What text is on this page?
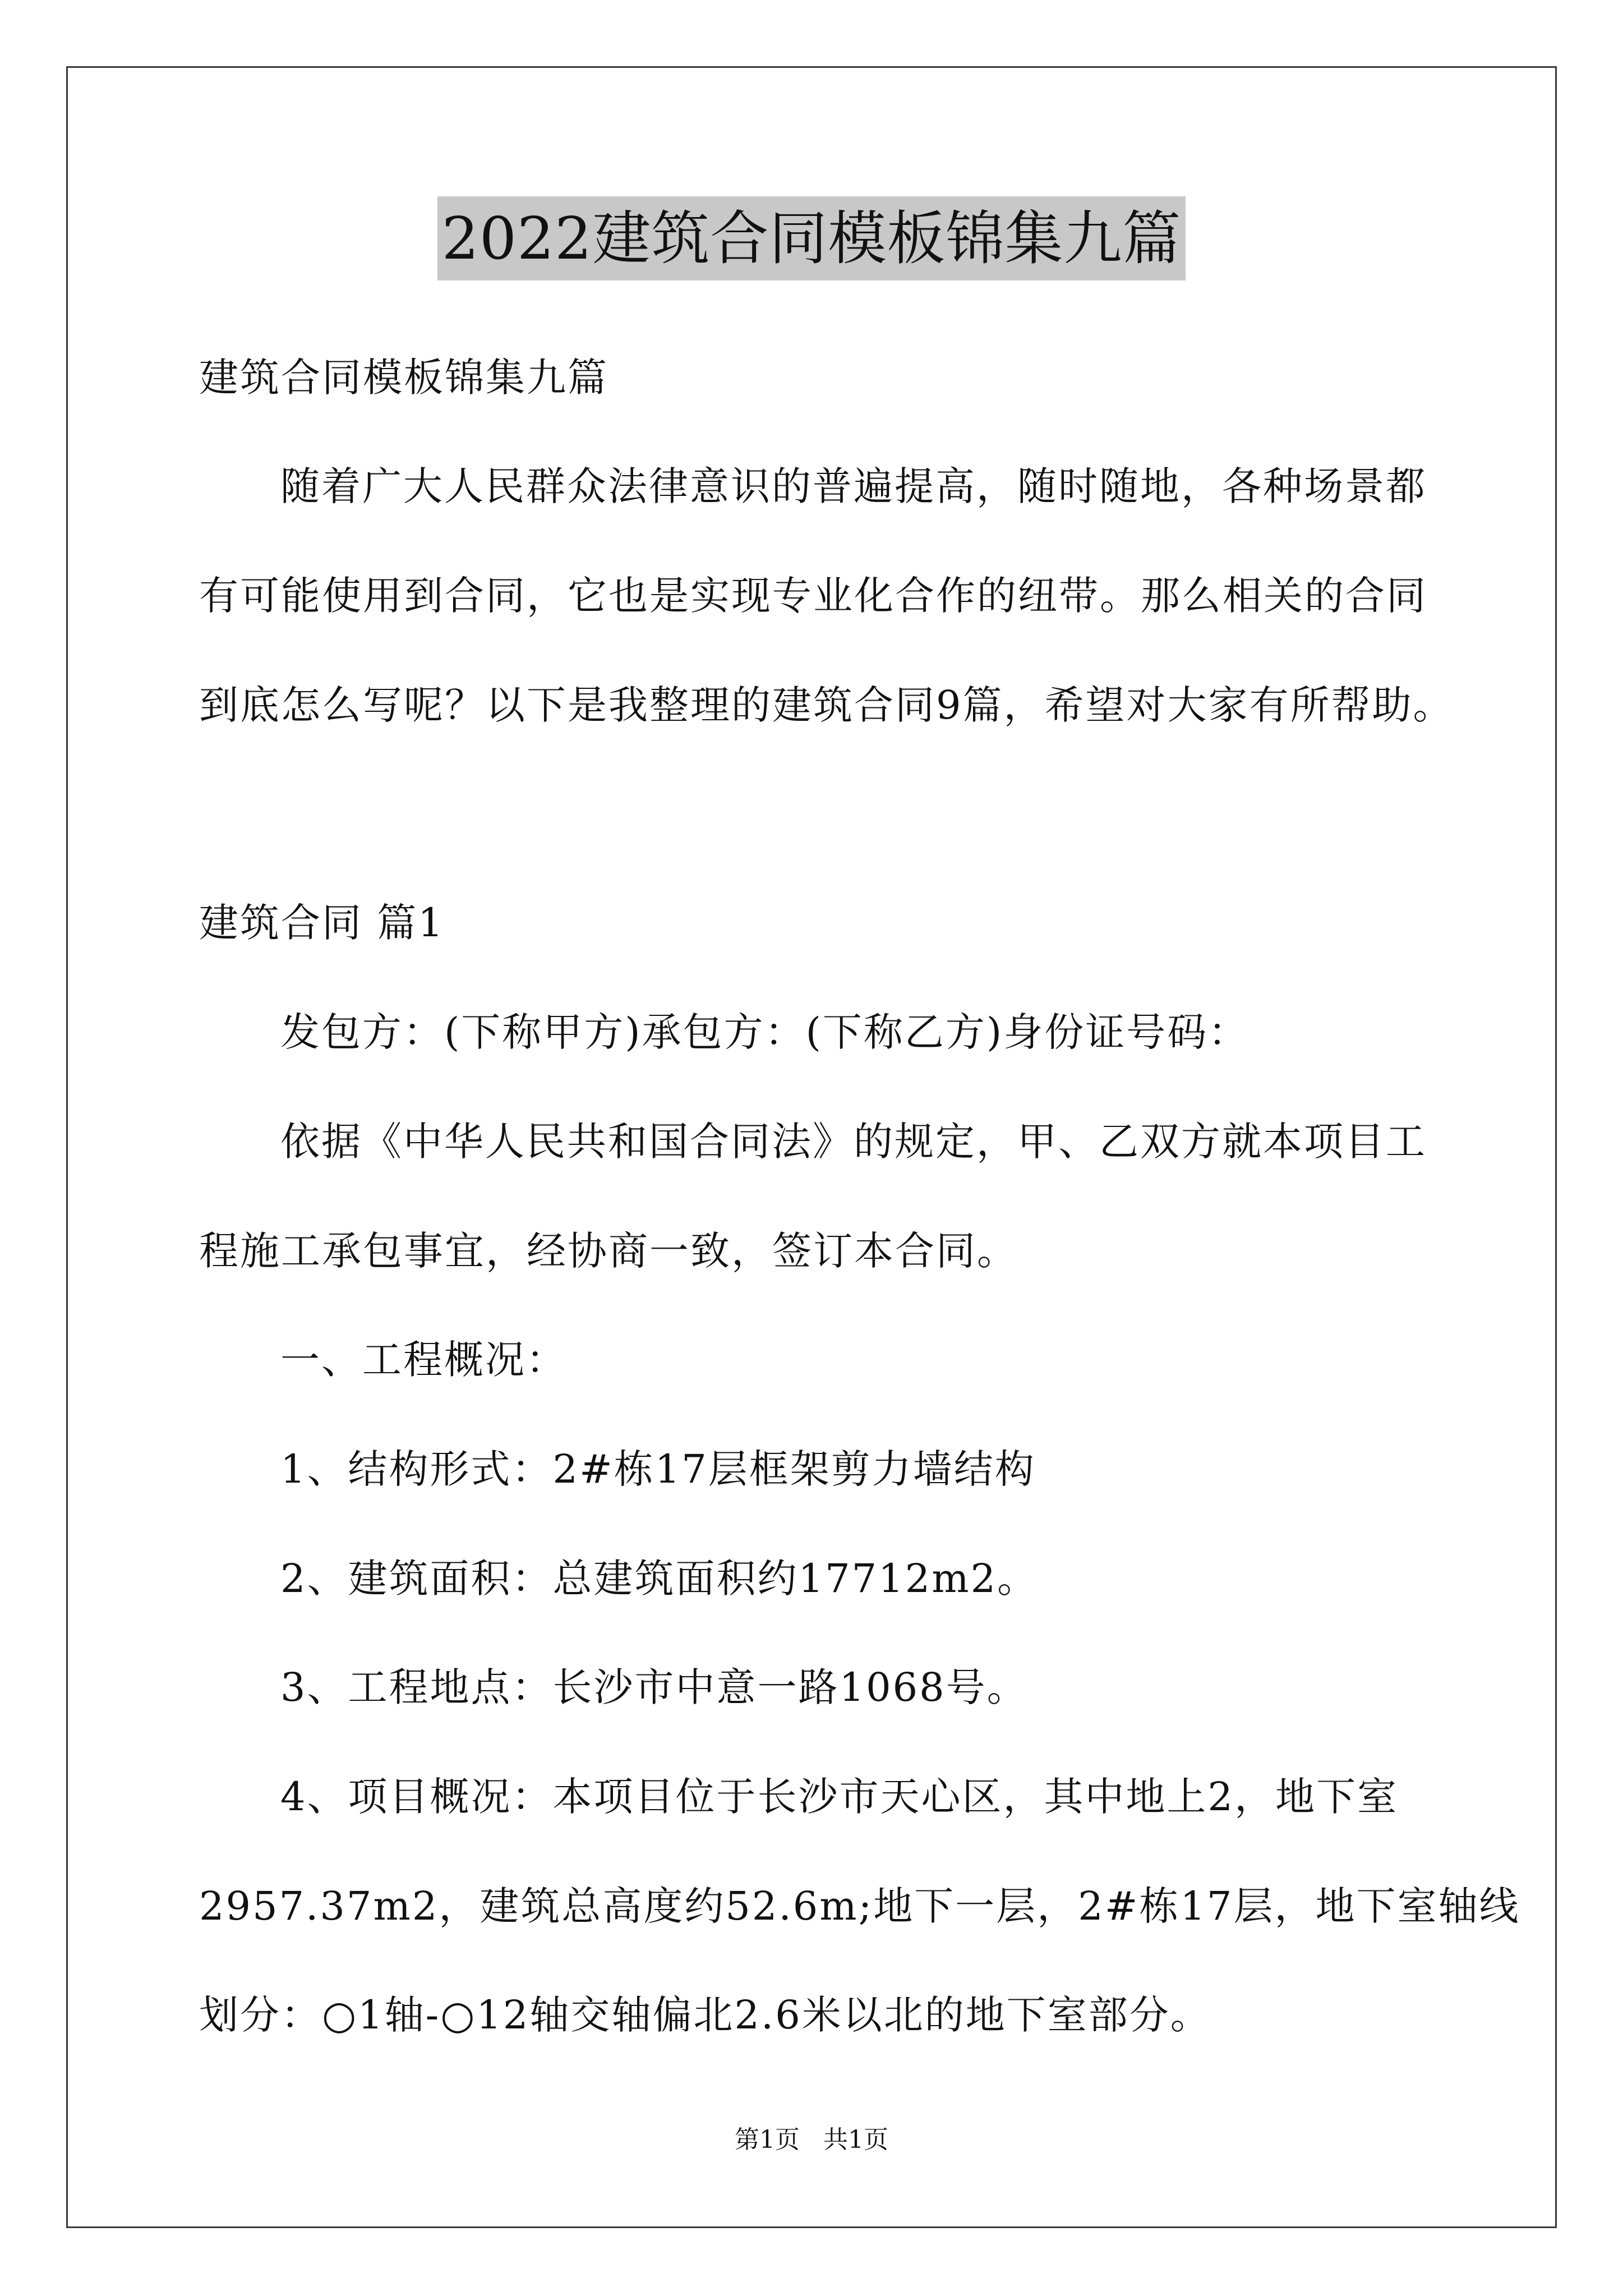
2022建筑合同模板锦集九篇
建筑合同模板锦集九篇
随着广大人民群众法律意识的普遍提高，随时随地，各种场景都
有可能使用到合同，它也是实现专业化合作的纽带。那么相关的合同
到底怎么写呢？以下是我整理的建筑合同9篇，希望对大家有所帮助。
建筑合同 篇1
发包方：(下称甲方)承包方：(下称乙方)身份证号码：
依据《中华人民共和国合同法》的规定，甲、乙双方就本项目工
程施工承包事宜，经协商一致，签订本合同。
一、工程概况：
1、结构形式：2#栋17层框架剪力墙结构
2、建筑面积：总建筑面积约17712m2。
3、工程地点：长沙市中意一路1068号。
4、项目概况：本项目位于长沙市天心区，其中地上2，地下室
2957.37m2，建筑总高度约52.6m;地下一层，2#栋17层，地下室轴线
划分：○1轴-○12轴交轴偏北2.6米以北的地下室部分。
第1页 共1页
